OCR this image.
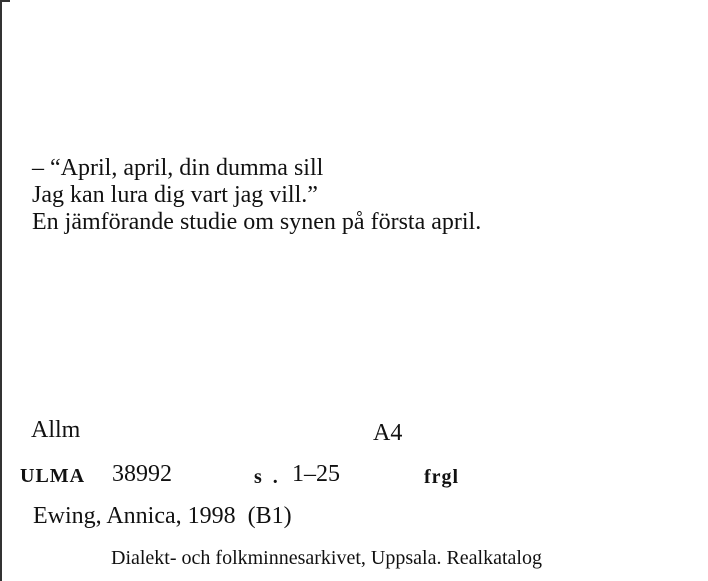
– “April, april, din dumma sill
Jag kan lura dig vart jag vill.”
En jämförande studie om synen på första april.
Allm	A4
ULMA 38992	s . 1–25	frgl
Ewing, Annica, 1998  (B1)
Dialekt- och folkminnesarkivet, Uppsala. Realkatalog
